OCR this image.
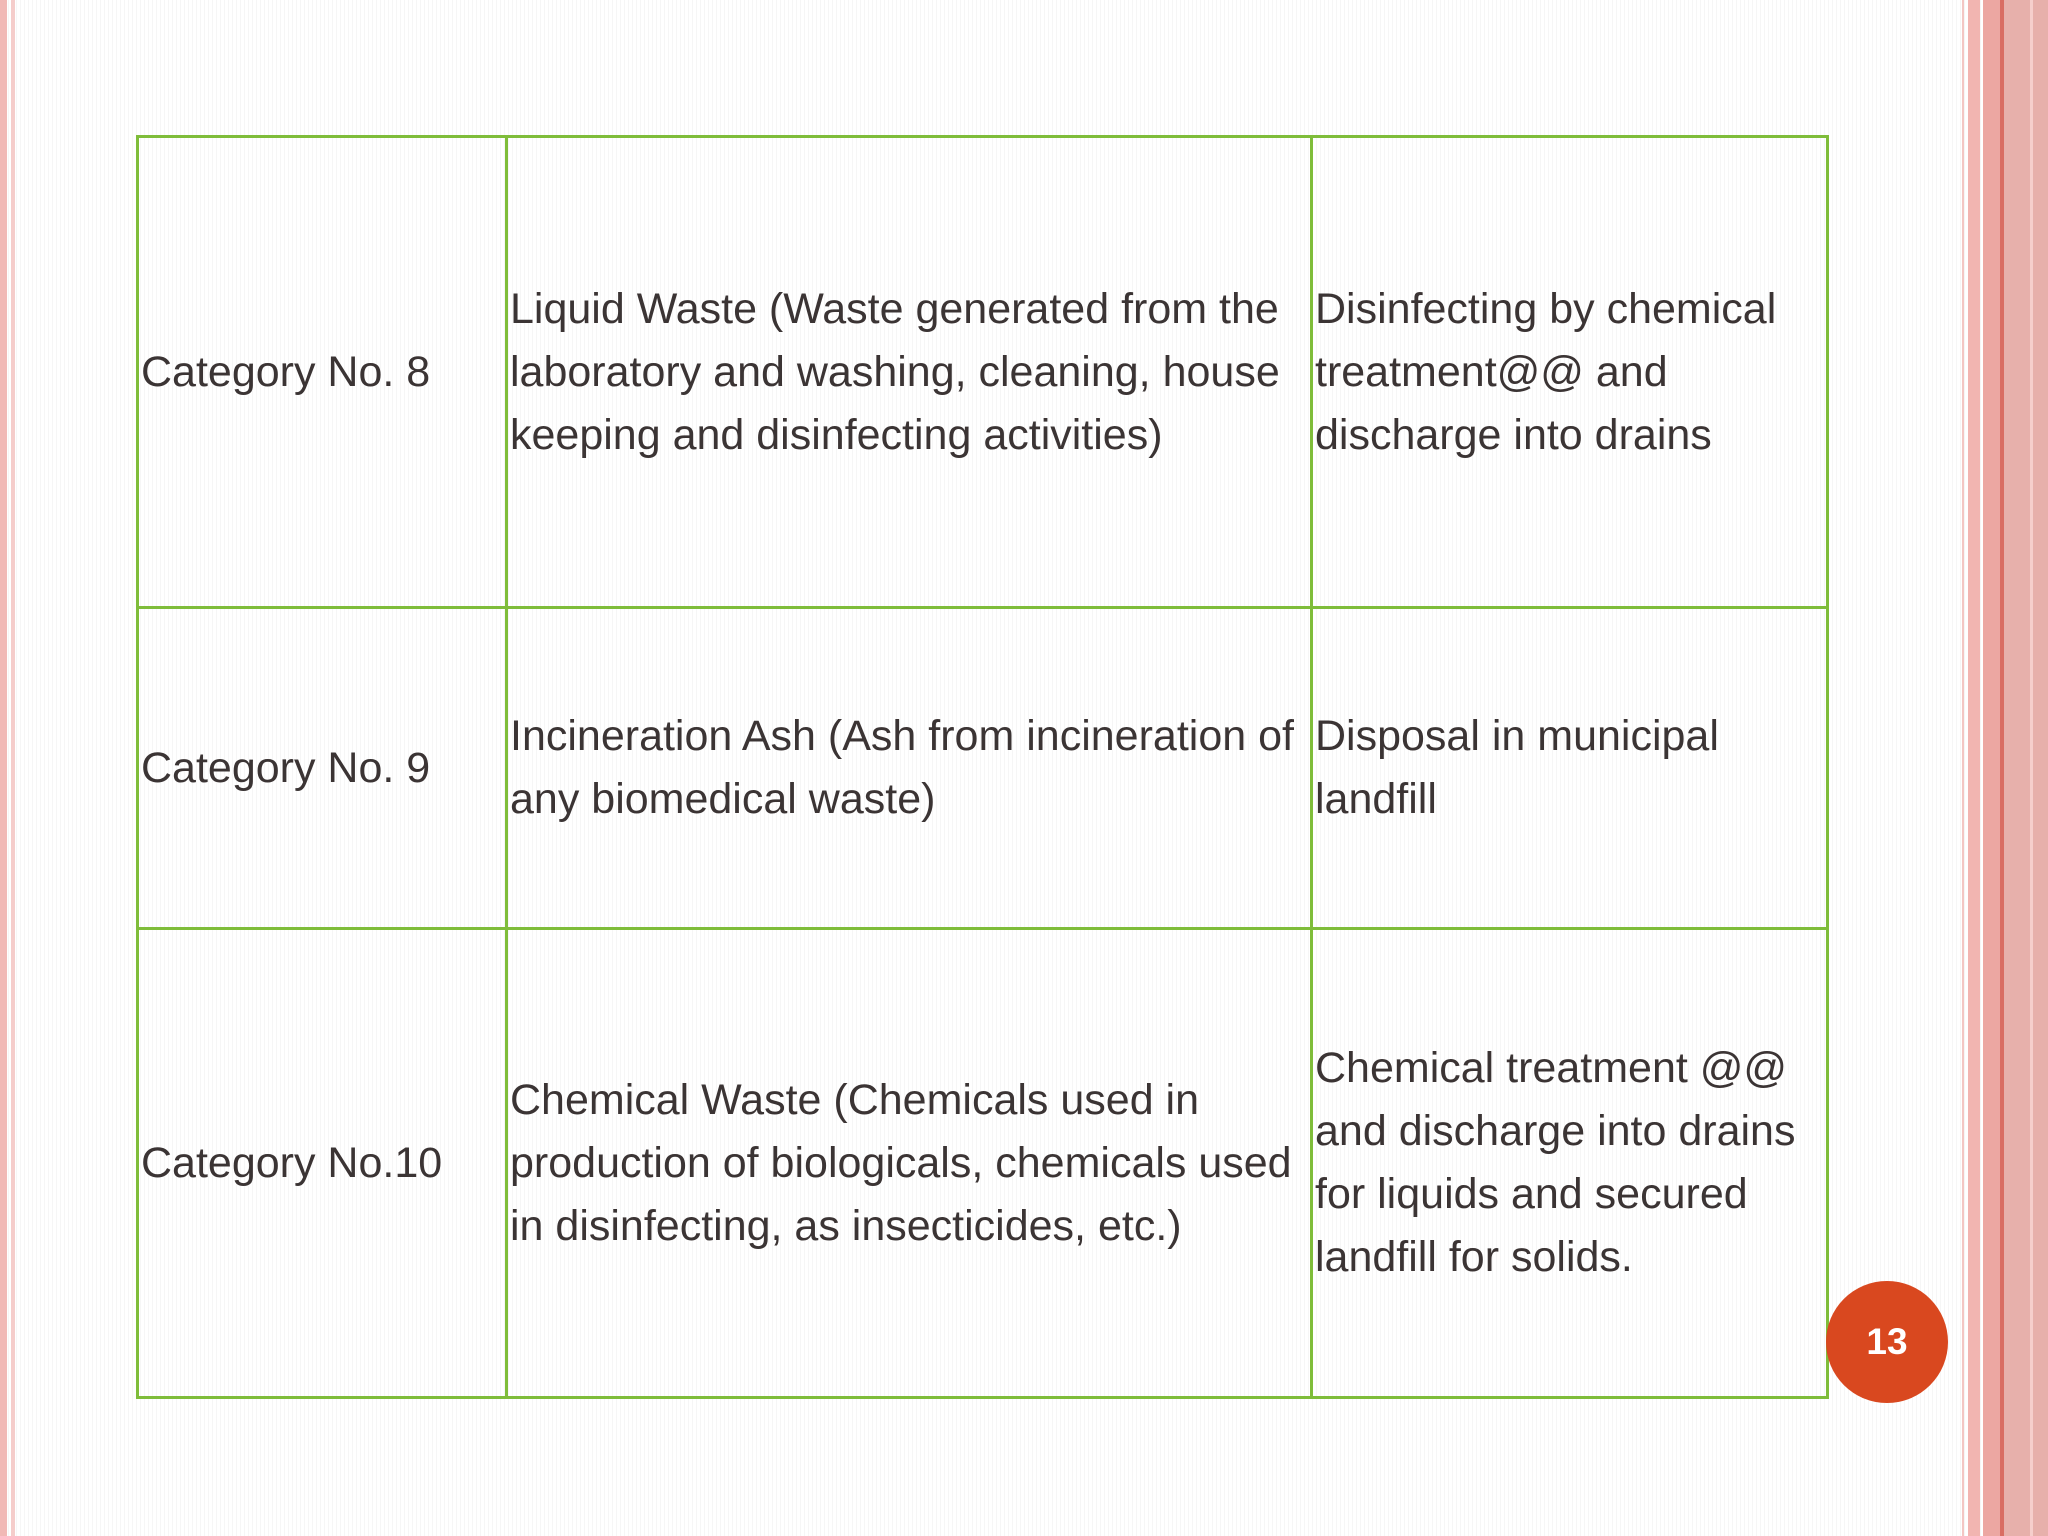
Category No. 8	Liquid Waste (Waste generated from the laboratory and washing, cleaning, house keeping and disinfecting activities)	Disinfecting by chemical treatment@@ and discharge into drains
Category No. 9	Incineration Ash (Ash from incineration of any biomedical waste)	Disposal in municipal landfill
Category No.10	Chemical Waste (Chemicals used in production of biologicals, chemicals used in disinfecting, as insecticides, etc.)	Chemical treatment @@ and discharge into drains for liquids and secured landfill for solids.
13
